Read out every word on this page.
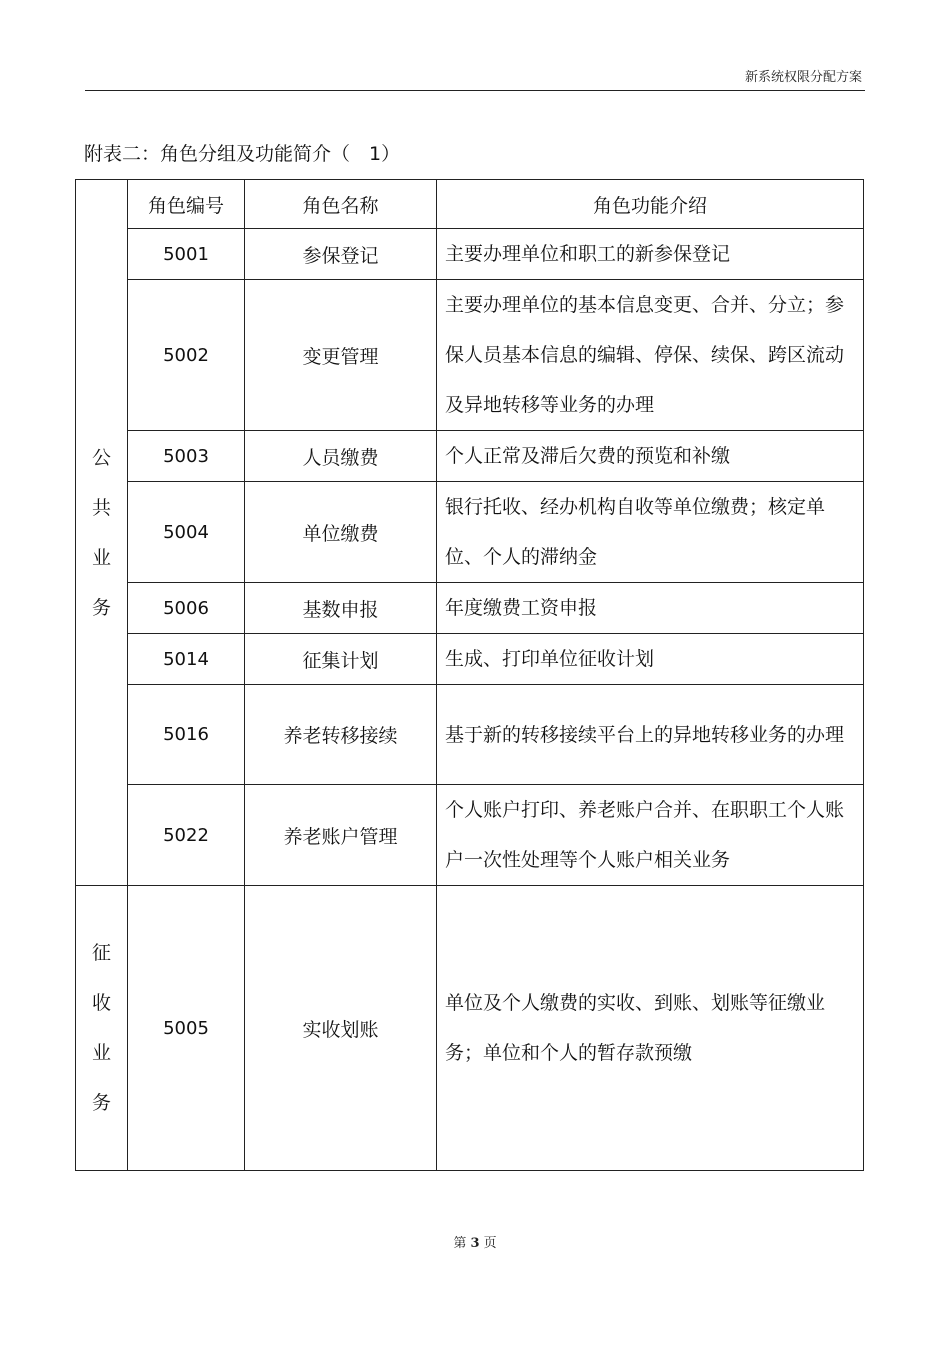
新系统权限分配方案
附表二：角色分组及功能简介（　1）
公
共
业
务	角色编号	角色名称	角色功能介绍
	5001	参保登记	主要办理单位和职工的新参保登记
	5002	变更管理	主要办理单位的基本信息变更、合并、分立；参保人员基本信息的编辑、停保、续保、跨区流动及异地转移等业务的办理
	5003	人员缴费	个人正常及滞后欠费的预览和补缴
	5004	单位缴费	银行托收、经办机构自收等单位缴费；核定单位、个人的滞纳金
	5006	基数申报	年度缴费工资申报
	5014	征集计划	生成、打印单位征收计划
	5016	养老转移接续	基于新的转移接续平台上的异地转移业务的办理
	5022	养老账户管理	个人账户打印、养老账户合并、在职职工个人账户一次性处理等个人账户相关业务

征
收
业
务	5005	实收划账	单位及个人缴费的实收、到账、划账等征缴业务；单位和个人的暂存款预缴
第 3 页
